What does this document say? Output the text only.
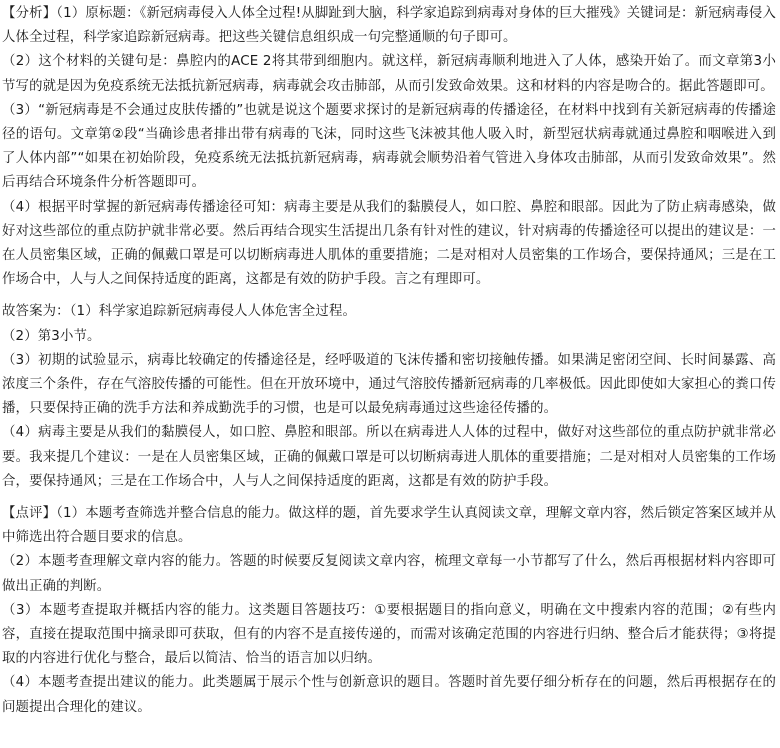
【分析】（1）原标题：《新冠病毒侵入人体全过程!从脚趾到大脑，科学家追踪到病毒对身体的巨大摧残》关键词是：新冠病毒侵入人体全过程，科学家追踪新冠病毒。把这些关键信息组织成一句完整通顺的句子即可。

（2）这个材料的关键句是：鼻腔内的ACE 2将其带到细胞内。就这样，新冠病毒顺利地进入了人体，感染开始了。而文章第3小节写的就是因为免疫系统无法抵抗新冠病毒，病毒就会攻击肺部，从而引发致命效果。这和材料的内容是吻合的。据此答题即可。

（3）“新冠病毒是不会通过皮肤传播的”也就是说这个题要求探讨的是新冠病毒的传播途径，在材料中找到有关新冠病毒的传播途径的语句。文章第②段“当确诊患者排出带有病毒的飞沫，同时这些飞沫被其他人吸入时，新型冠状病毒就通过鼻腔和咽喉进入到了人体内部”“如果在初始阶段，免疫系统无法抵抗新冠病毒，病毒就会顺势沿着气管进入身体攻击肺部，从而引发致命效果”。然后再结合环境条件分析答题即可。

（4）根据平时掌握的新冠病毒传播途径可知：病毒主要是从我们的黏膜侵人，如口腔、鼻腔和眼部。因此为了防止病毒感染，做好对这些部位的重点防护就非常必要。然后再结合现实生活提出几条有针对性的建议，针对病毒的传播途径可以提出的建议是：一在人员密集区域，正确的佩戴口罩是可以切断病毒进人肌体的重要措施；二是对相对人员密集的工作场合，要保持通风；三是在工作场合中，人与人之间保持适度的距离，这都是有效的防护手段。言之有理即可。

故答案为：（1）科学家追踪新冠病毒侵人人体危害全过程。

（2）第3小节。

（3）初期的试验显示，病毒比较确定的传播途径是，经呼吸道的飞沫传播和密切接触传播。如果满足密闭空间、长时间暴露、高浓度三个条件，存在气溶胶传播的可能性。但在开放环境中，通过气溶胶传播新冠病毒的几率极低。因此即使如大家担心的粪口传播，只要保持正确的洗手方法和养成勤洗手的习惯，也是可以最免病毒通过这些途径传播的。

（4）病毒主要是从我们的黏膜侵人，如口腔、鼻腔和眼部。所以在病毒进人人体的过程中，做好对这些部位的重点防护就非常必要。我来提几个建议：一是在人员密集区域，正确的佩戴口罩是可以切断病毒进人肌体的重要措施；二是对相对人员密集的工作场合，要保持通风；三是在工作场合中，人与人之间保持适度的距离，这都是有效的防护手段。

【点评】（1）本题考查筛选并整合信息的能力。做这样的题，首先要求学生认真阅读文章，理解文章内容，然后锁定答案区域并从中筛选出符合题目要求的信息。

（2）本题考查理解文章内容的能力。答题的时候要反复阅读文章内容，梳理文章每一小节都写了什么，然后再根据材料内容即可做出正确的判断。

（3）本题考查提取并概括内容的能力。这类题目答题技巧：①要根据题目的指向意义，明确在文中搜索内容的范围；②有些内容，直接在提取范围中摘录即可获取，但有的内容不是直接传递的，而需对该确定范围的内容进行归纳、整合后才能获得；③将提取的内容进行优化与整合，最后以简洁、恰当的语言加以归纳。

（4）本题考查提出建议的能力。此类题属于展示个性与创新意识的题目。答题时首先要仔细分析存在的问题，然后再根据存在的问题提出合理化的建议。
